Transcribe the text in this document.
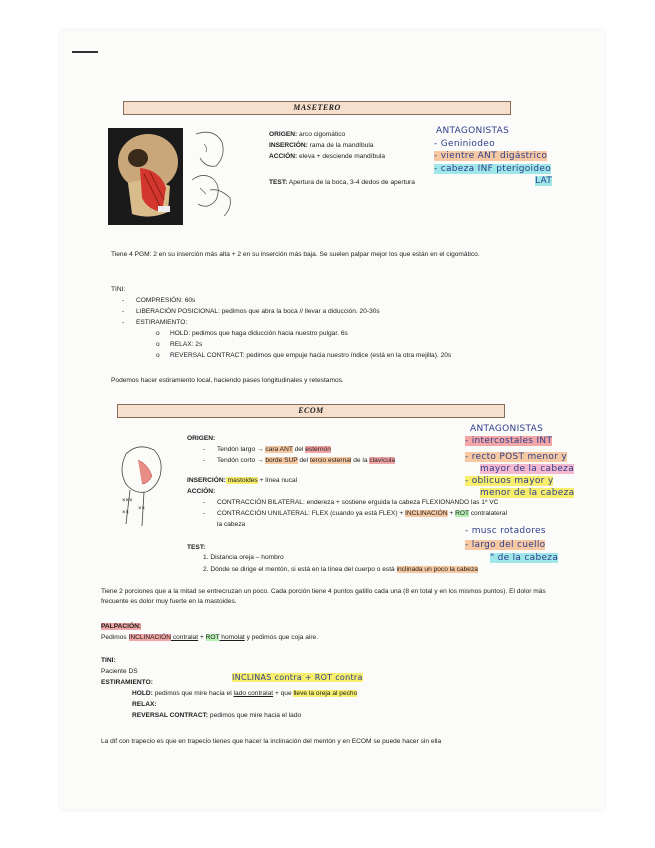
MASETERO
ORIGEN: arco cigomático
INSERCIÓN: rama de la mandíbula
ACCIÓN: eleva + desciende mandíbula
TEST: Apertura de la boca, 3-4 dedos de apertura
ANTAGONISTAS
- Geniniodeo
- vientre ANT digástrico
- cabeza INF pterigoideo
LAT
Tiene 4 PGM: 2 en su inserción más alta + 2 en su inserción más baja. Se suelen palpar mejor los que están en el cigomático.
TINI:
- COMPRESIÓN: 60s
- LIBERACIÓN POSICIONAL: pedimos que abra la boca // llevar a diducción. 20-30s
- ESTIRAMIENTO:
o HOLD: pedimos que haga diducción hacia nuestro pulgar. 6s
o RELAX: 2s
o REVERSAL CONTRACT: pedimos que empuje hacia nuestro índice (está en la otra mejilla). 20s
Podemos hacer estiramiento local, haciendo pases longitudinales y retestamos.
ECOM
×××
××
××
ORIGEN:
- Tendón largo → cara ANT del esternón
- Tendón corto → borde SUP del tercio esternal de la clavícula
INSERCIÓN: mastoides + línea nucal
ACCIÓN:
- CONTRACCIÓN BILATERAL: endereza + sostiene erguida la cabeza FLEXIONANDO las 1º VC
- CONTRACCIÓN UNILATERAL: FLEX (cuando ya está FLEX) + INCLINACIÓN + ROT contralateral
la cabeza
TEST:
1. Distancia oreja – hombro
2. Dónde se dirige el mentón, si está en la línea del cuerpo o está inclinada un poco la cabeza
ANTAGONISTAS
- intercostales INT
- recto POST menor y
mayor de la cabeza
- oblicuos mayor y
menor de la cabeza
- musc rotadores
- largo del cuello
" de la cabeza
Tiene 2 porciones que a la mitad se entrecruzan un poco. Cada porción tiene 4 puntos gatillo cada una (8 en total y en los mismos puntos). El dolor más frecuente es dolor muy fuerte en la mastoides.
PALPACIÓN:
Pedimos INCLINACIÓN contralat + ROT homolat y pedimos que coja aire.
TINI:
Paciente DS
ESTIRAMIENTO:
INCLINAS contra + ROT contra
HOLD: pedimos que mire hacia el lado contralat + que lleve la oreja al pecho
RELAX:
REVERSAL CONTRACT: pedimos que mire hacia el lado
La dif con trapecio es que en trapecio tienes que hacer la inclinación del mentón y en ECOM se puede hacer sin ella
